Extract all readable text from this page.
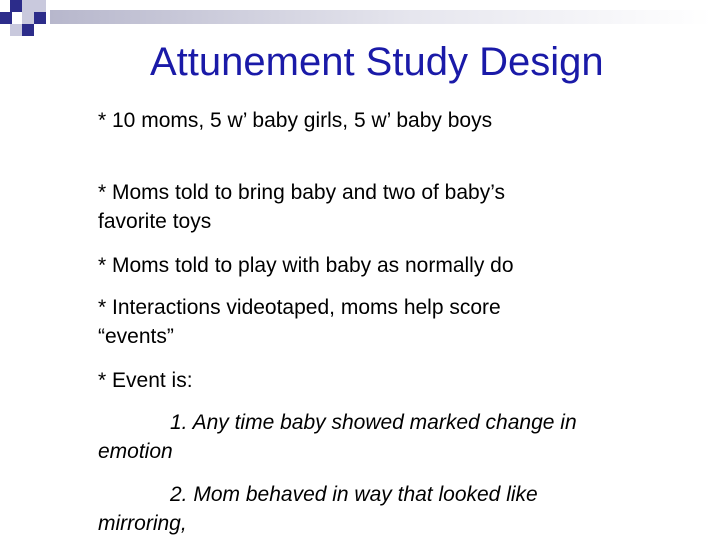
Attunement Study Design
* 10 moms, 5 w’ baby girls, 5 w’ baby boys
* Moms told to bring baby and two of baby’s
favorite toys
* Moms told to play with baby as normally do
* Interactions videotaped, moms help score
“events”
* Event is:
1. Any time baby showed marked change in
emotion
2. Mom behaved in way that looked like
mirroring,
